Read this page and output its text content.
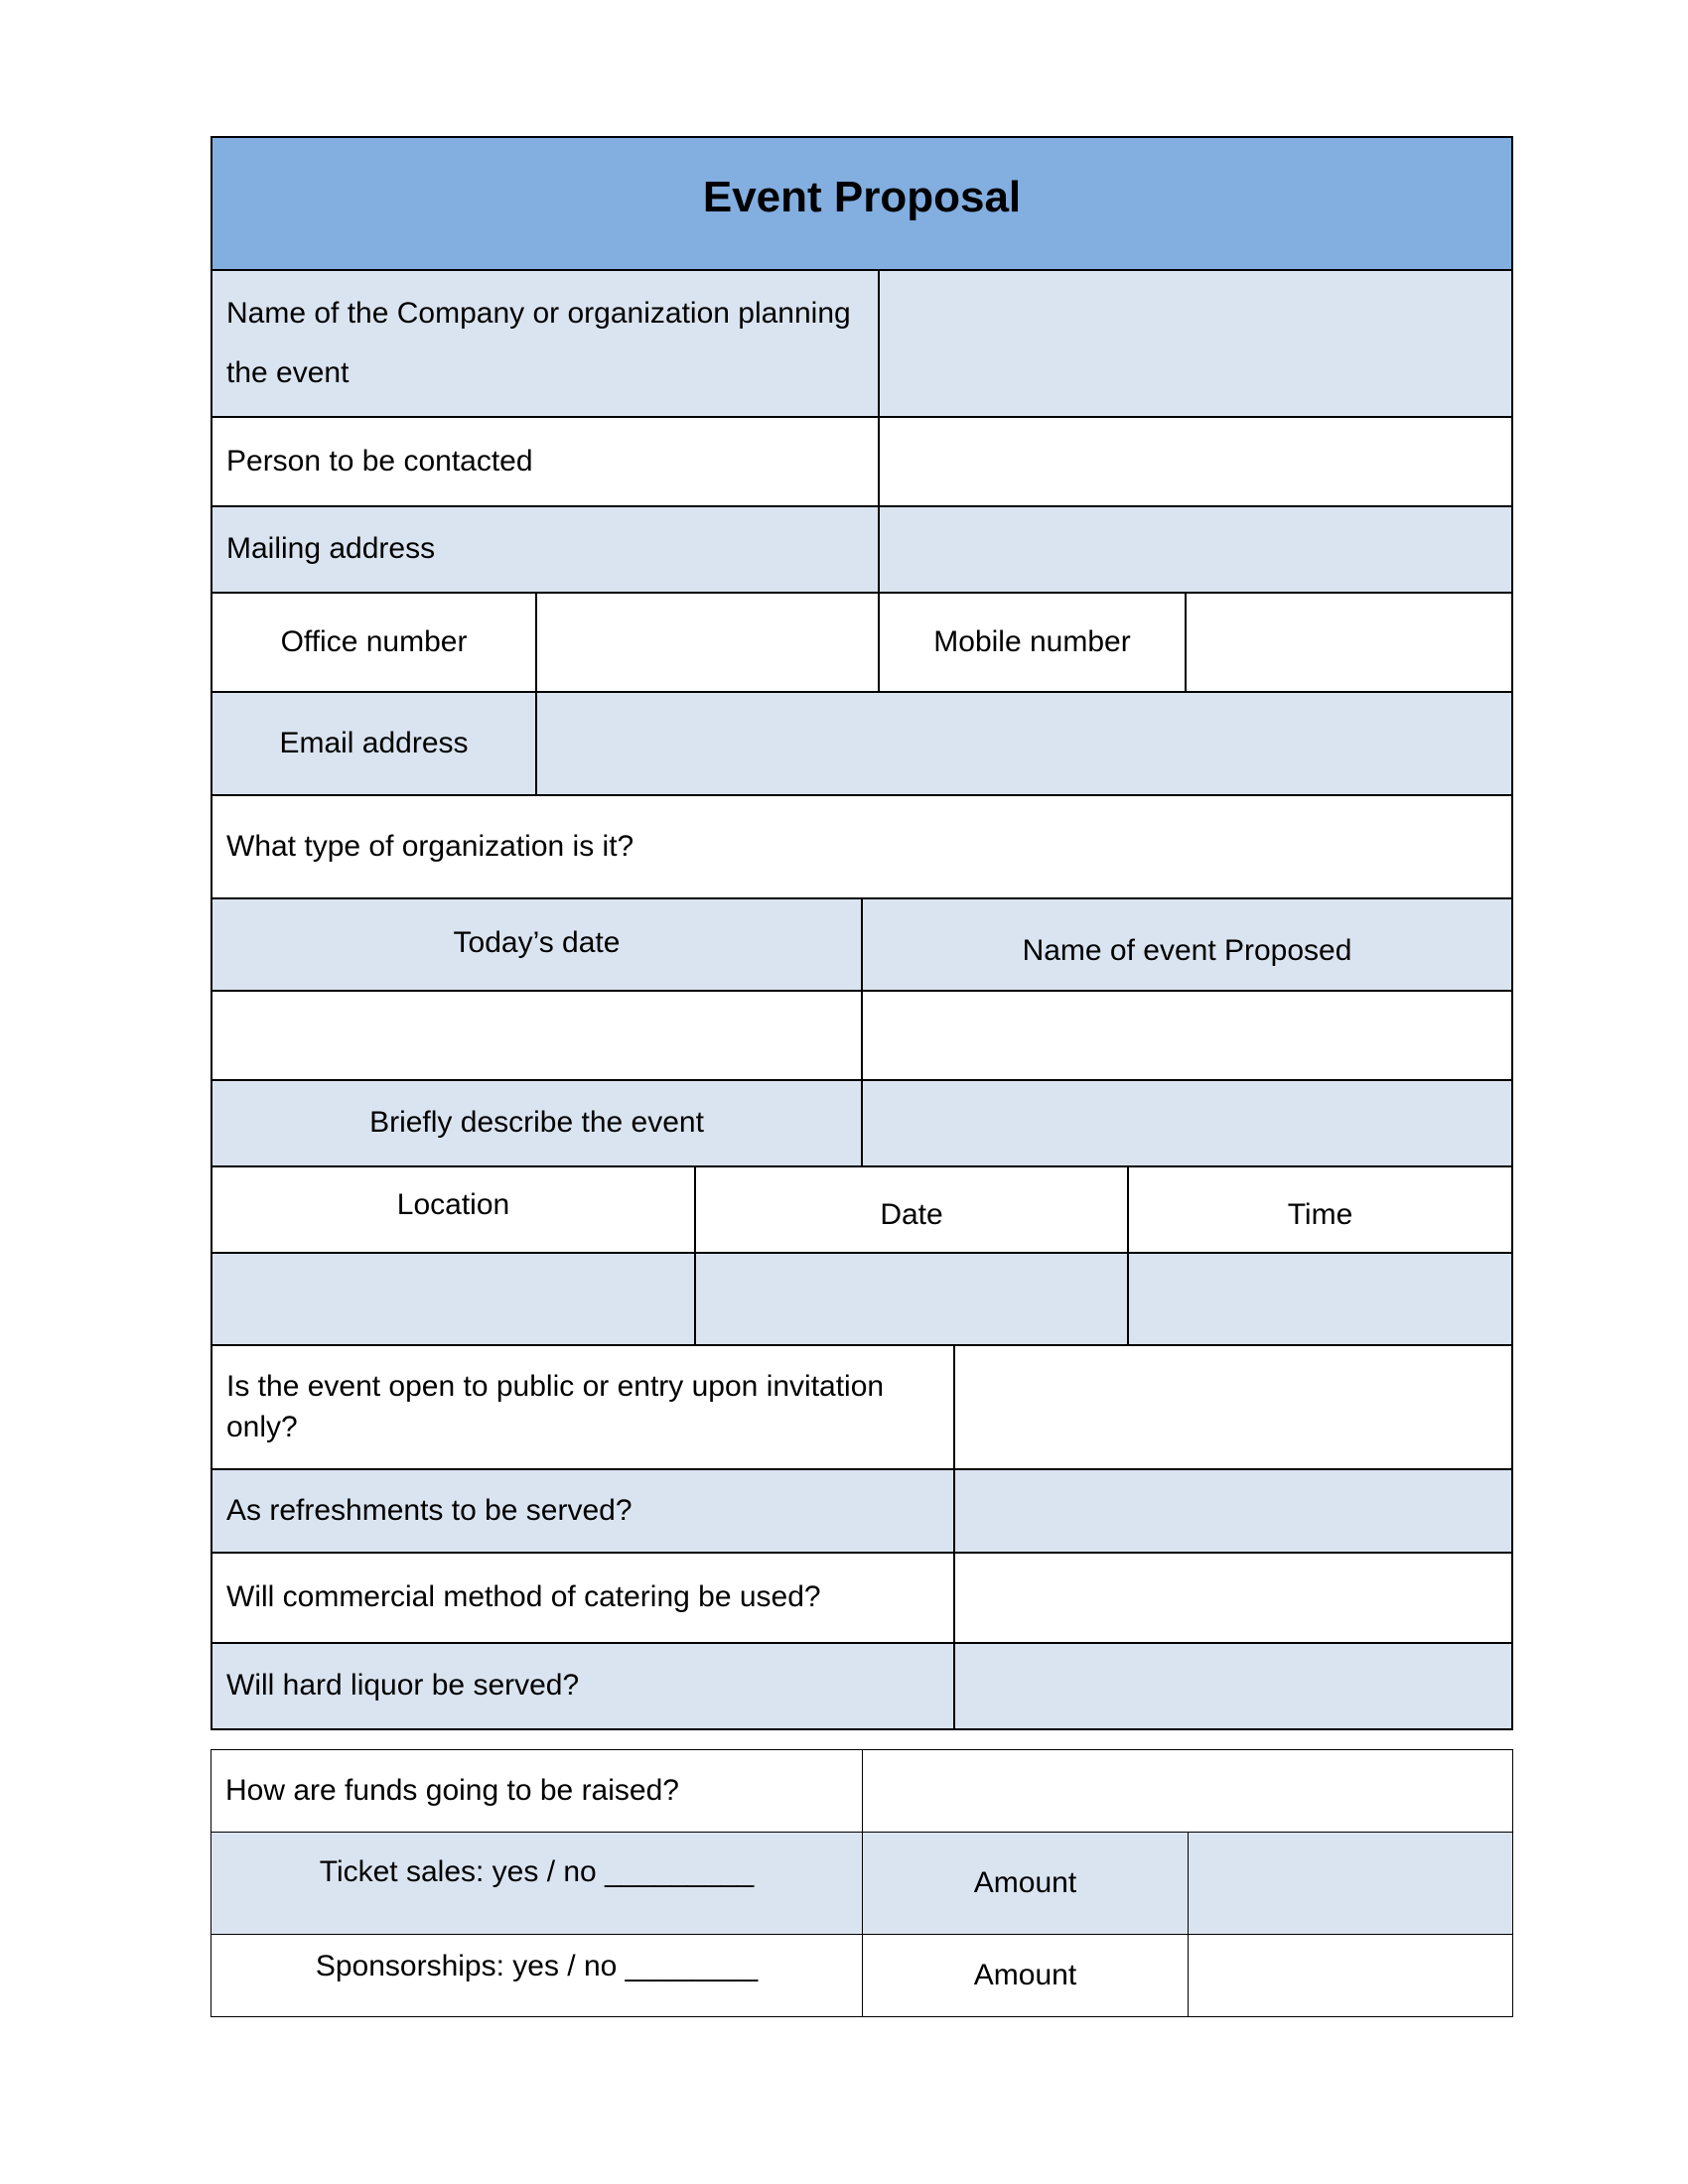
Event Proposal
Name of the Company or organization planning the event
Person to be contacted
Mailing address
Office number	Mobile number
Email address
What type of organization is it?
Today’s date	Name of event Proposed
Briefly describe the event
Location	Date	Time
Is the event open to public or entry upon invitation only?
As refreshments to be served?
Will commercial method of catering be used?
Will hard liquor be served?
How are funds going to be raised?
Ticket sales: yes / no _________	Amount
Sponsorships: yes / no ________	Amount
